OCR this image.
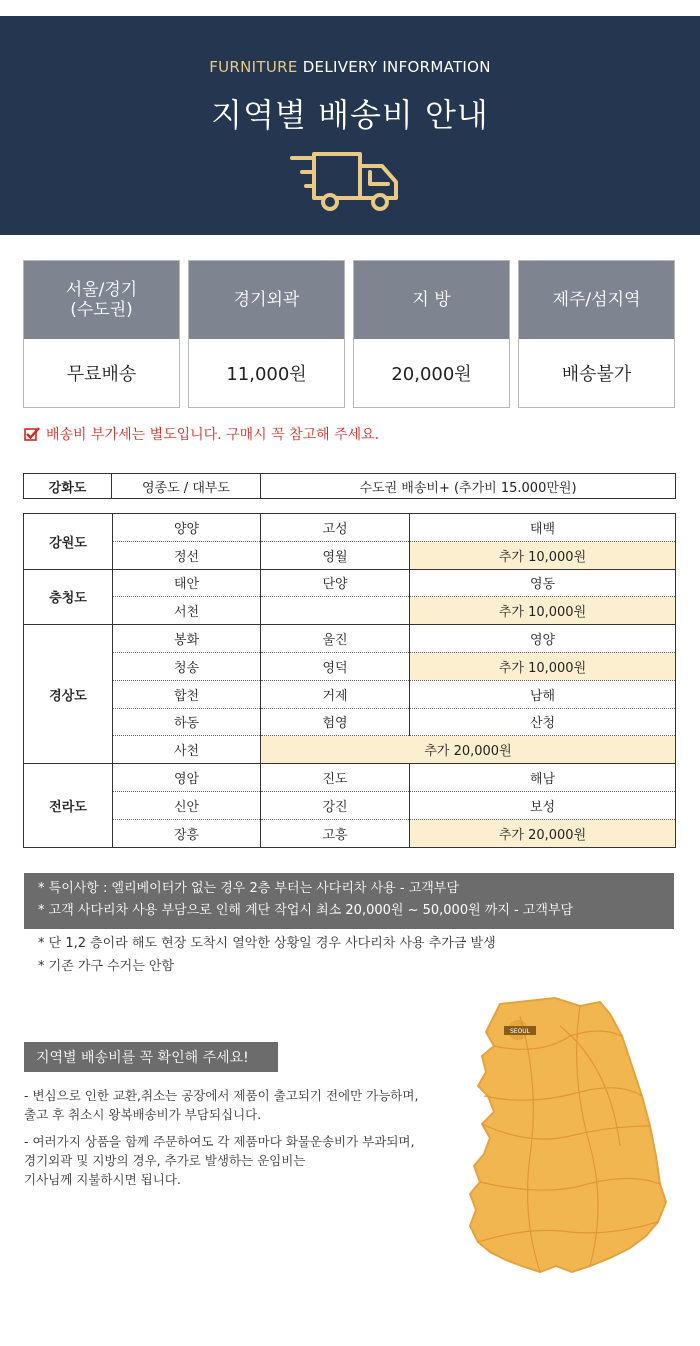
FURNITURE DELIVERY INFORMATION
지역별 배송비 안내
서울/경기
(수도권)
무료배송
경기외곽
11,000원
지 방
20,000원
제주/섬지역
배송불가
배송비 부가세는 별도입니다. 구매시 꼭 참고해 주세요.
강화도	영종도 / 대부도	수도권 배송비+ (추가비 15.000만원)
강원도	양양	고성	태백
	정선	영월	추가 10,000원
충청도	태안	단양	영동
	서천		추가 10,000원
경상도	봉화	울진	영양
	청송	영덕	추가 10,000원
	합천	거제	남해
	하동	험영	산청
	사천	추가 20,000원	
전라도	영암	진도	해남
	신안	강진	보성
	장흥	고흥	추가 20,000원
* 특이사항 : 엘리베이터가 없는 경우 2층 부터는 사다리차 사용 - 고객부담
* 고객 사다리차 사용 부담으로 인해 계단 작업시 최소 20,000원 ~ 50,000원 까지 - 고객부담
* 단 1,2 층이라 해도 현장 도착시 열악한 상황일 경우 사다리차 사용 추가금 발생
* 기존 가구 수거는 안함
지역별 배송비를 꼭 확인해 주세요!

- 변심으로 인한 교환,취소는 공장에서 제품이 출고되기 전에만 가능하며,
출고 후 취소시 왕복배송비가 부담되십니다.

- 여러가지 상품을 함께 주문하여도 각 제품마다 화물운송비가 부과되며,
경기외곽 및 지방의 경우, 추가로 발생하는 운임비는
기사님께 지불하시면 됩니다.

SEOUL
